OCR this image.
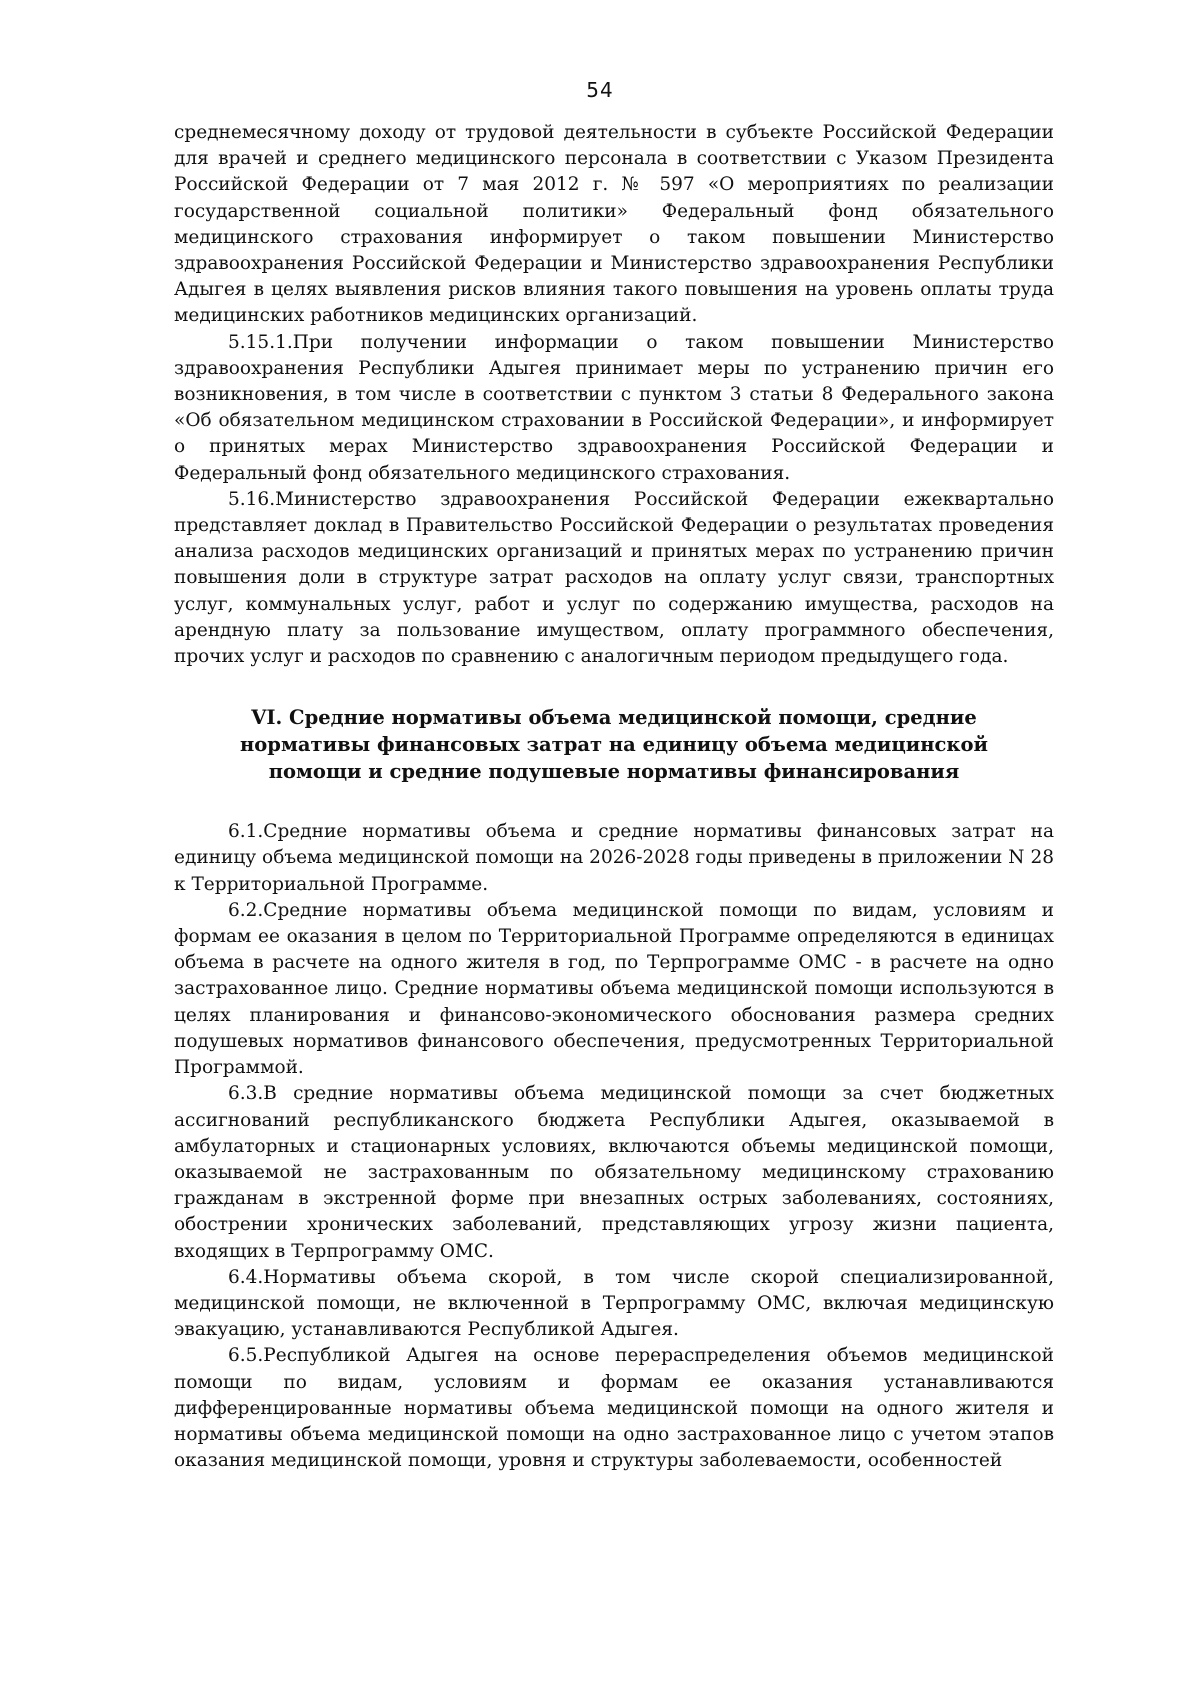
54

среднемесячному доходу от трудовой деятельности в субъекте Российской Федерации для врачей и среднего медицинского персонала в соответствии с Указом Президента Российской Федерации от 7 мая 2012 г. № 597 «О мероприятиях по реализации государственной социальной политики» Федеральный фонд обязательного медицинского страхования информирует о таком повышении Министерство здравоохранения Российской Федерации и Министерство здравоохранения Республики Адыгея в целях выявления рисков влияния такого повышения на уровень оплаты труда медицинских работников медицинских организаций.

5.15.1.При получении информации о таком повышении Министерство здравоохранения Республики Адыгея принимает меры по устранению причин его возникновения, в том числе в соответствии с пунктом 3 статьи 8 Федерального закона «Об обязательном медицинском страховании в Российской Федерации», и информирует о принятых мерах Министерство здравоохранения Российской Федерации и Федеральный фонд обязательного медицинского страхования.

5.16.Министерство здравоохранения Российской Федерации ежеквартально представляет доклад в Правительство Российской Федерации о результатах проведения анализа расходов медицинских организаций и принятых мерах по устранению причин повышения доли в структуре затрат расходов на оплату услуг связи, транспортных услуг, коммунальных услуг, работ и услуг по содержанию имущества, расходов на арендную плату за пользование имуществом, оплату программного обеспечения, прочих услуг и расходов по сравнению с аналогичным периодом предыдущего года.

VI. Средние нормативы объема медицинской помощи, средние
нормативы финансовых затрат на единицу объема медицинской
помощи и средние подушевые нормативы финансирования

6.1.Средние нормативы объема и средние нормативы финансовых затрат на единицу объема медицинской помощи на 2026-2028 годы приведены в приложении N 28 к Территориальной Программе.

6.2.Средние нормативы объема медицинской помощи по видам, условиям и формам ее оказания в целом по Территориальной Программе определяются в единицах объема в расчете на одного жителя в год, по Терпрограмме ОМС - в расчете на одно застрахованное лицо. Средние нормативы объема медицинской помощи используются в целях планирования и финансово-экономического обоснования размера средних подушевых нормативов финансового обеспечения, предусмотренных Территориальной Программой.

6.3.В средние нормативы объема медицинской помощи за счет бюджетных ассигнований республиканского бюджета Республики Адыгея, оказываемой в амбулаторных и стационарных условиях, включаются объемы медицинской помощи, оказываемой не застрахованным по обязательному медицинскому страхованию гражданам в экстренной форме при внезапных острых заболеваниях, состояниях, обострении хронических заболеваний, представляющих угрозу жизни пациента, входящих в Терпрограмму ОМС.

6.4.Нормативы объема скорой, в том числе скорой специализированной, медицинской помощи, не включенной в Терпрограмму ОМС, включая медицинскую эвакуацию, устанавливаются Республикой Адыгея.

6.5.Республикой Адыгея на основе перераспределения объемов медицинской помощи по видам, условиям и формам ее оказания устанавливаются дифференцированные нормативы объема медицинской помощи на одного жителя и нормативы объема медицинской помощи на одно застрахованное лицо с учетом этапов оказания медицинской помощи, уровня и структуры заболеваемости, особенностей
